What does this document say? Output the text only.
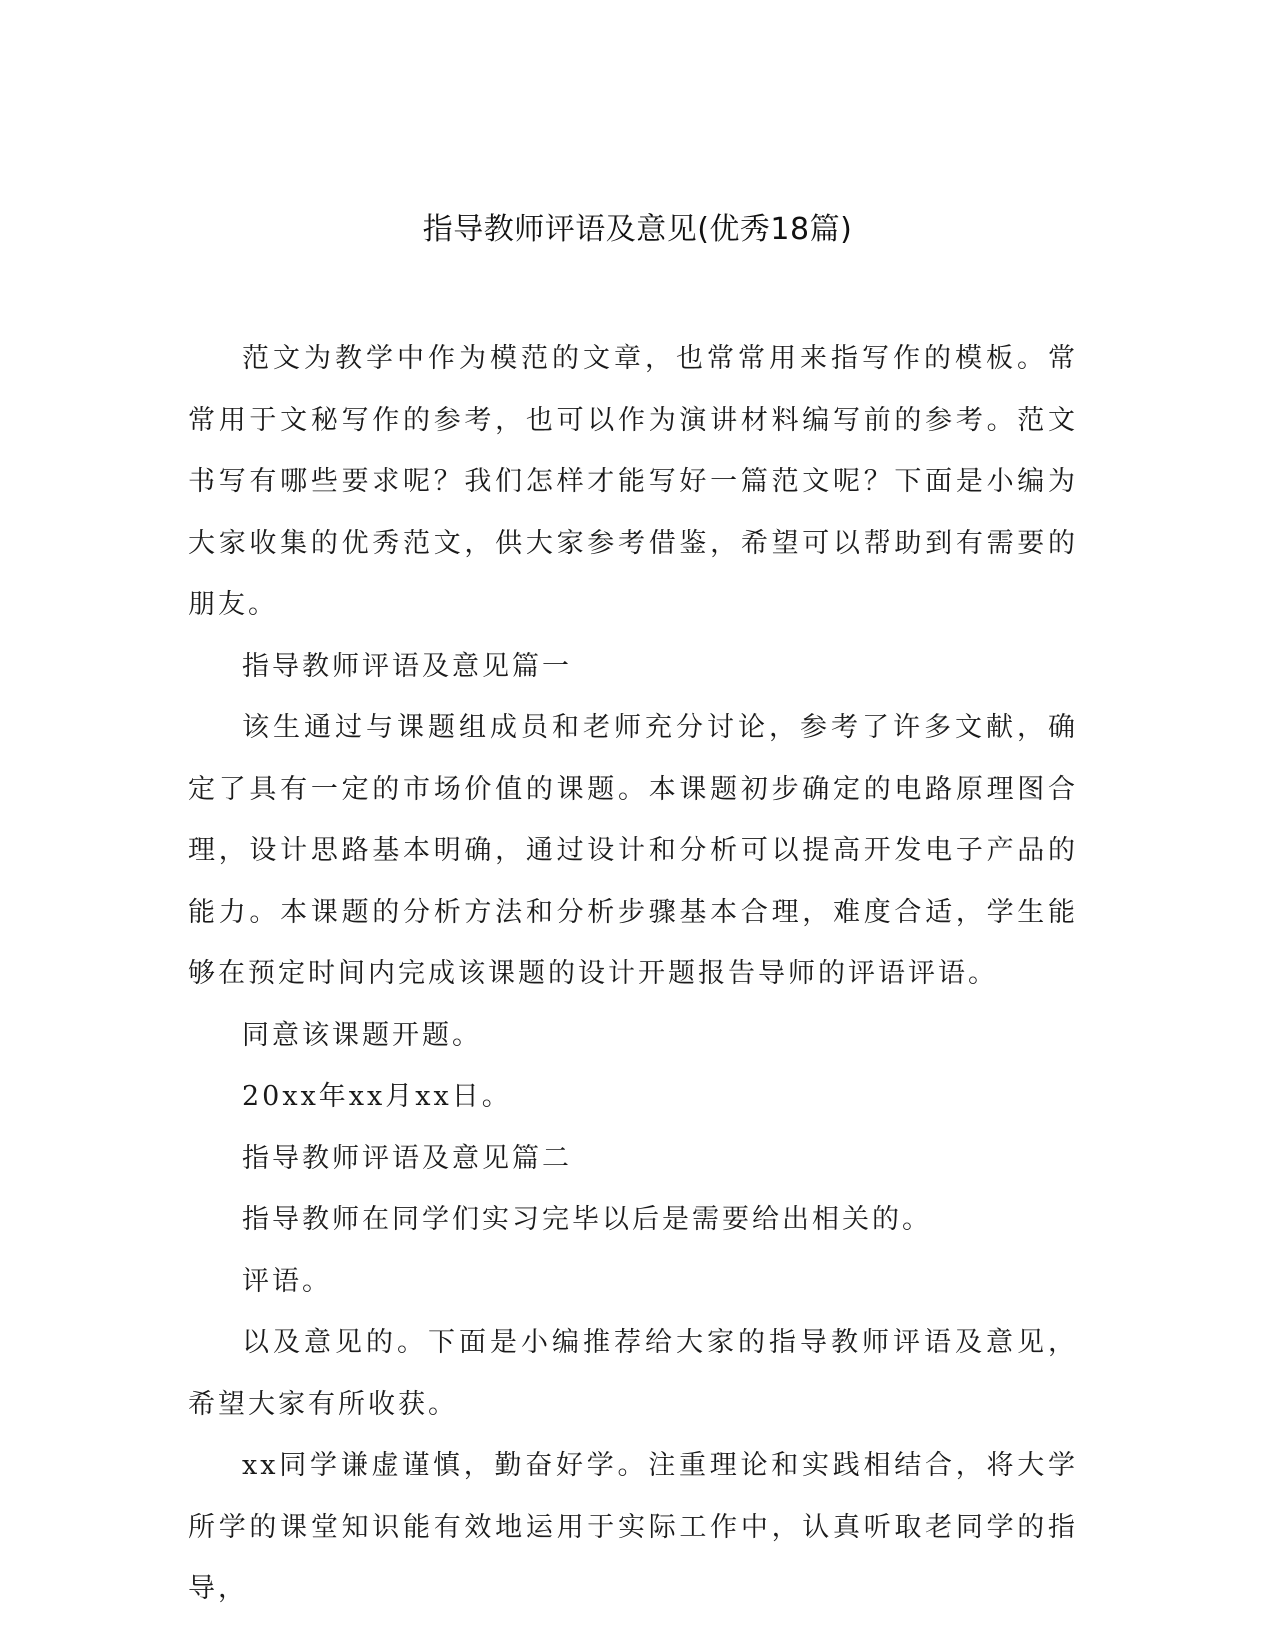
指导教师评语及意见(优秀18篇)

范文为教学中作为模范的文章，也常常用来指写作的模板。常常用于文秘写作的参考，也可以作为演讲材料编写前的参考。范文书写有哪些要求呢？我们怎样才能写好一篇范文呢？下面是小编为大家收集的优秀范文，供大家参考借鉴，希望可以帮助到有需要的朋友。

指导教师评语及意见篇一

该生通过与课题组成员和老师充分讨论，参考了许多文献，确定了具有一定的市场价值的课题。本课题初步确定的电路原理图合理，设计思路基本明确，通过设计和分析可以提高开发电子产品的能力。本课题的分析方法和分析步骤基本合理，难度合适，学生能够在预定时间内完成该课题的设计开题报告导师的评语评语。

同意该课题开题。

20xx年xx月xx日。

指导教师评语及意见篇二

指导教师在同学们实习完毕以后是需要给出相关的。

评语。

以及意见的。下面是小编推荐给大家的指导教师评语及意见，希望大家有所收获。

xx同学谦虚谨慎，勤奋好学。注重理论和实践相结合，将大学所学的课堂知识能有效地运用于实际工作中，认真听取老同学的指导，
